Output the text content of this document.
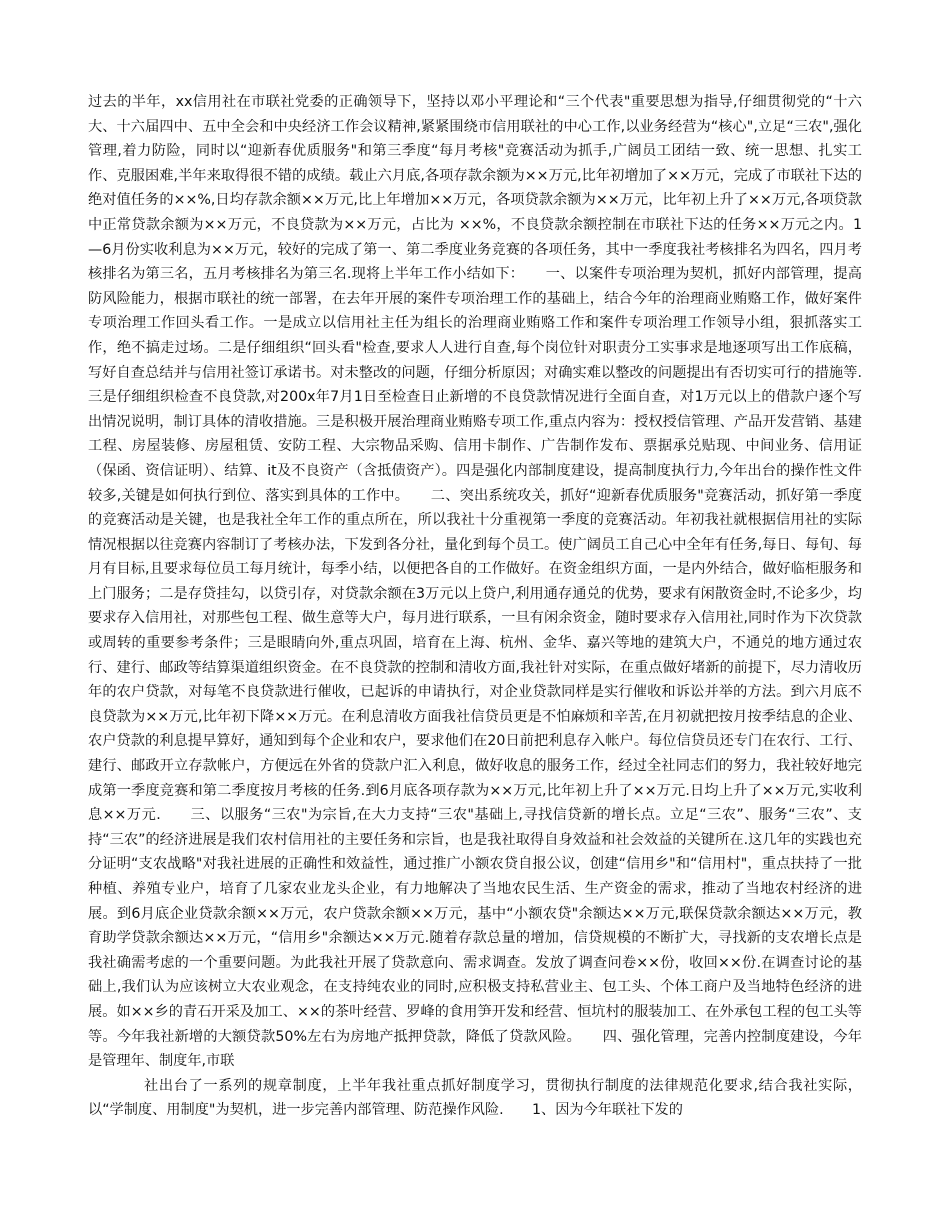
过去的半年，xx信用社在市联社党委的正确领导下，坚持以邓小平理论和“三个代表"重要思想为指导,仔细贯彻党的“十六大、十六届四中、五中全会和中央经济工作会议精神,紧紧围绕市信用联社的中心工作,以业务经营为“核心",立足“三农",强化管理,着力防险，同时以“迎新春优质服务"和第三季度“每月考核"竞赛活动为抓手,广阔员工团结一致、统一思想、扎实工作、克服困难,半年来取得很不错的成绩。载止六月底,各项存款余额为××万元,比年初增加了××万元，完成了市联社下达的绝对值任务的××%,日均存款余额××万元,比上年增加××万元，各项贷款余额为××万元，比年初上升了××万元,各项贷款中正常贷款余额为××万元，不良贷款为××万元，占比为 ××%，不良贷款余额控制在市联社下达的任务××万元之内。1—6月份实收利息为××万元，较好的完成了第一、第二季度业务竞赛的各项任务，其中一季度我社考核排名为四名，四月考核排名为第三名，五月考核排名为第三名.现将上半年工作小结如下：　　一、以案件专项治理为契机，抓好内部管理，提高防风险能力，根据市联社的统一部署，在去年开展的案件专项治理工作的基础上，结合今年的治理商业贿赂工作，做好案件专项治理工作回头看工作。一是成立以信用社主任为组长的治理商业贿赂工作和案件专项治理工作领导小组，狠抓落实工作，绝不搞走过场。二是仔细组织“回头看"检查,要求人人进行自查,每个岗位针对职责分工实事求是地逐项写出工作底稿，写好自查总结并与信用社签订承诺书。对未整改的问题，仔细分析原因；对确实难以整改的问题提出有否切实可行的措施等.三是仔细组织检查不良贷款,对200x年7月1日至检查日止新增的不良贷款情况进行全面自查，对1万元以上的借款户逐个写出情况说明，制订具体的清收措施。三是积极开展治理商业贿赂专项工作,重点内容为：授权授信管理、产品开发营销、基建工程、房屋装修、房屋租赁、安防工程、大宗物品采购、信用卡制作、广告制作发布、票据承兑贴现、中间业务、信用证（保函、资信证明）、结算、it及不良资产（含抵债资产）。四是强化内部制度建设，提高制度执行力,今年出台的操作性文件较多,关键是如何执行到位、落实到具体的工作中。　　二、突出系统攻关，抓好“迎新春优质服务"竞赛活动，抓好第一季度的竞赛活动是关键，也是我社全年工作的重点所在，所以我社十分重视第一季度的竞赛活动。年初我社就根据信用社的实际情况根据以往竞赛内容制订了考核办法，下发到各分社，量化到每个员工。使广阔员工自己心中全年有任务,每日、每旬、每月有目标,且要求每位员工每月统计，每季小结，以便把各自的工作做好。在资金组织方面，一是内外结合，做好临柜服务和上门服务；二是存贷挂勾，以贷引存，对贷款余额在3万元以上贷户,利用通存通兑的优势，要求有闲散资金时,不论多少，均要求存入信用社，对那些包工程、做生意等大户，每月进行联系，一旦有闲余资金，随时要求存入信用社,同时作为下次贷款或周转的重要参考条件；三是眼睛向外,重点巩固，培育在上海、杭州、金华、嘉兴等地的建筑大户，不通兑的地方通过农行、建行、邮政等结算渠道组织资金。在不良贷款的控制和清收方面,我社针对实际，在重点做好堵新的前提下，尽力清收历年的农户贷款，对每笔不良贷款进行催收，已起诉的申请执行，对企业贷款同样是实行催收和诉讼并举的方法。到六月底不良贷款为××万元,比年初下降××万元。在利息清收方面我社信贷员更是不怕麻烦和辛苦,在月初就把按月按季结息的企业、农户贷款的利息提早算好，通知到每个企业和农户，要求他们在20日前把利息存入帐户。每位信贷员还专门在农行、工行、建行、邮政开立存款帐户，方便远在外省的贷款户汇入利息，做好收息的服务工作，经过全社同志们的努力，我社较好地完成第一季度竞赛和第二季度按月考核的任务.到6月底各项存款为××万元,比年初上升了××万元.日均上升了××万元,实收利息××万元.　　三、以服务“三农"为宗旨,在大力支持“三农"基础上,寻找信贷新的增长点。立足“三农”、服务“三农”、支持“三农”的经济进展是我们农村信用社的主要任务和宗旨，也是我社取得自身效益和社会效益的关键所在.这几年的实践也充分证明“支农战略"对我社进展的正确性和效益性，通过推广小额农贷自报公议，创建“信用乡"和“信用村"，重点扶持了一批种植、养殖专业户，培育了几家农业龙头企业，有力地解决了当地农民生活、生产资金的需求，推动了当地农村经济的进展。到6月底企业贷款余额××万元，农户贷款余额××万元，基中“小额农贷"余额达××万元,联保贷款余额达××万元，教育助学贷款余额达××万元，“信用乡"余额达××万元.随着存款总量的增加，信贷规模的不断扩大，寻找新的支农增长点是我社确需考虑的一个重要问题。为此我社开展了贷款意向、需求调查。发放了调查问卷××份，收回××份.在调查讨论的基础上,我们认为应该树立大农业观念，在支持纯农业的同时,应积极支持私营业主、包工头、个体工商户及当地特色经济的进展。如××乡的青石开采及加工、××的茶叶经营、罗峰的食用笋开发和经营、恒坑村的服装加工、在外承包工程的包工头等等。今年我社新增的大额贷款50%左右为房地产抵押贷款，降低了贷款风险。　　四、强化管理，完善内控制度建设，今年是管理年、制度年,市联

社出台了一系列的规章制度，上半年我社重点抓好制度学习，贯彻执行制度的法律规范化要求,结合我社实际，以“学制度、用制度"为契机，进一步完善内部管理、防范操作风险.　　1、因为今年联社下发的
